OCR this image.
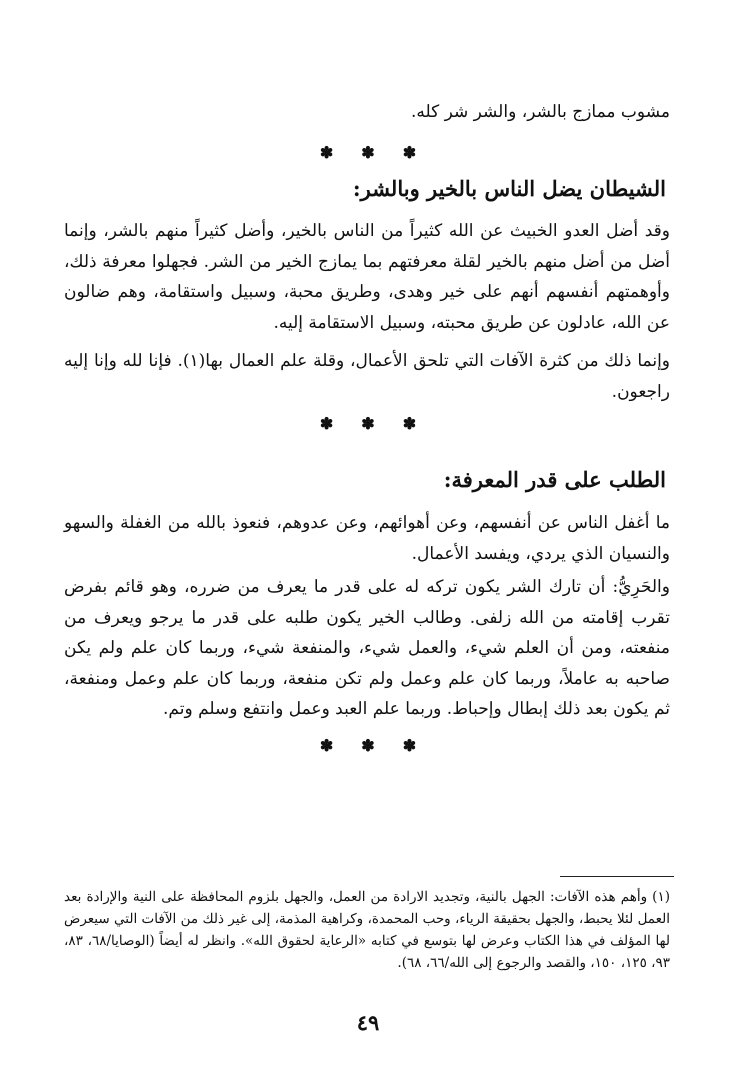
مشوب ممازج بالشر، والشر شر كله.
✽ ✽ ✽
الشيطان يضل الناس بالخير وبالشر:
وقد أضل العدو الخبيث عن الله كثيراً من الناس بالخير، وأضل كثيراً منهم بالشر، وإنما أضل من أضل منهم بالخير لقلة معرفتهم بما يمازج الخير من الشر. فجهلوا معرفة ذلك، وأوهمتهم أنفسهم أنهم على خير وهدى، وطريق محبة، وسبيل واستقامة، وهم ضالون عن الله، عادلون عن طريق محبته، وسبيل الاستقامة إليه.
وإنما ذلك من كثرة الآفات التي تلحق الأعمال، وقلة علم العمال بها(١). فإنا لله وإنا إليه راجعون.
✽ ✽ ✽
الطلب على قدر المعرفة:
ما أغفل الناس عن أنفسهم، وعن أهوائهم، وعن عدوهم، فنعوذ بالله من الغفلة والسهو والنسيان الذي يردي، ويفسد الأعمال.
والحَرِيُّ: أن تارك الشر يكون تركه له على قدر ما يعرف من ضرره، وهو قائم بفرض تقرب إقامته من الله زلفى. وطالب الخير يكون طلبه على قدر ما يرجو ويعرف من منفعته، ومن أن العلم شيء، والعمل شيء، والمنفعة شيء، وربما كان علم ولم يكن صاحبه به عاملاً، وربما كان علم وعمل ولم تكن منفعة، وربما كان علم وعمل ومنفعة، ثم يكون بعد ذلك إبطال وإحباط. وربما علم العبد وعمل وانتفع وسلم وتم.
✽ ✽ ✽
(١) وأهم هذه الآفات: الجهل بالنية، وتجديد الارادة من العمل، والجهل بلزوم المحافظة على النية والإرادة بعد العمل لئلا يحبط، والجهل بحقيقة الرياء، وحب المحمدة، وكراهية المذمة، إلى غير ذلك من الآفات التي سيعرض لها المؤلف في هذا الكتاب وعرض لها بتوسع في كتابه «الرعاية لحقوق الله». وانظر له أيضاً (الوصايا/٦٨، ٨٣، ٩٣، ١٢٥، ١٥٠، والقصد والرجوع إلى الله/٦٦، ٦٨).
٤٩
